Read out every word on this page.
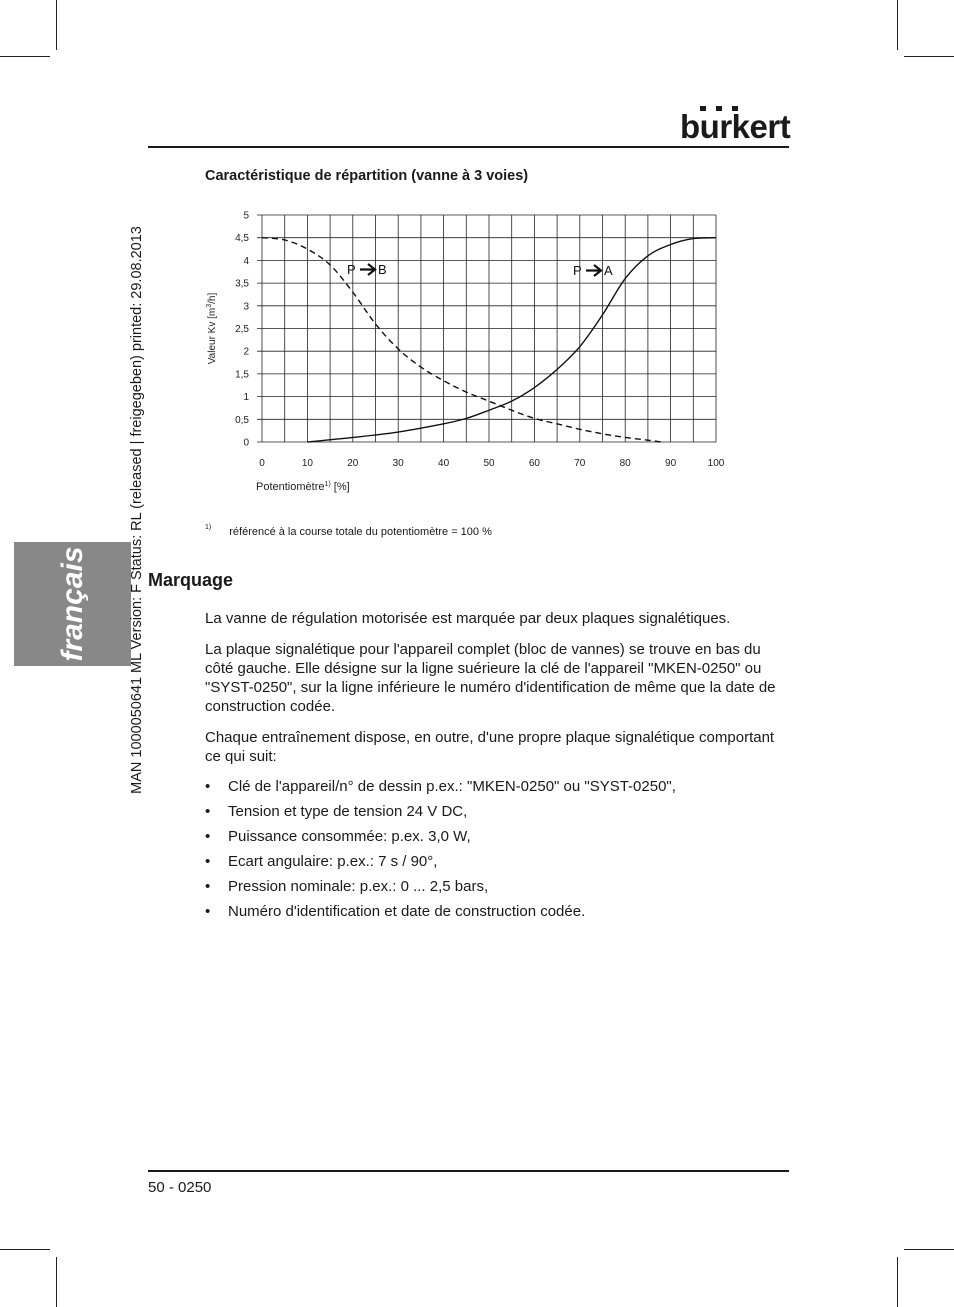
burkert
français	MAN 1000050641 ML Version: F Status: RL (released | freigegeben) printed: 29.08.2013
Caractéristique de répartition (vanne à 3 voies)
0
0,5
1
1,5
2
2,5
3
3,5
4
4,5
5
0	10	20	30	40	50	60	70	80	90	100
Valeur Kv $[m^3/h]$
Potentiomètre$^{1)}$ [%]
P B	P A
$^{1)}$ référencé à la course totale du potentiomètre = 100 %
Marquage
La vanne de régulation motorisée est marquée par deux plaques signalétiques.
La plaque signalétique pour l'appareil complet (bloc de vannes) se trouve en bas du côté gauche. Elle désigne sur la ligne suérieure la clé de l'appareil "MKEN-0250" ou "SYST-0250", sur la ligne inférieure le numéro d'identification de même que la date de construction codée.
Chaque entraînement dispose, en outre, d'une propre plaque signalétique comportant ce qui suit:
• Clé de l'appareil/n° de dessin p.ex.: "MKEN-0250" ou "SYST-0250",
• Tension et type de tension 24 V DC,
• Puissance consommée: p.ex. 3,0 W,
• Ecart angulaire: p.ex.: 7 s / 90°,
• Pression nominale: p.ex.: 0 ... 2,5 bars,
• Numéro d'identification et date de construction codée.
50 - 0250
